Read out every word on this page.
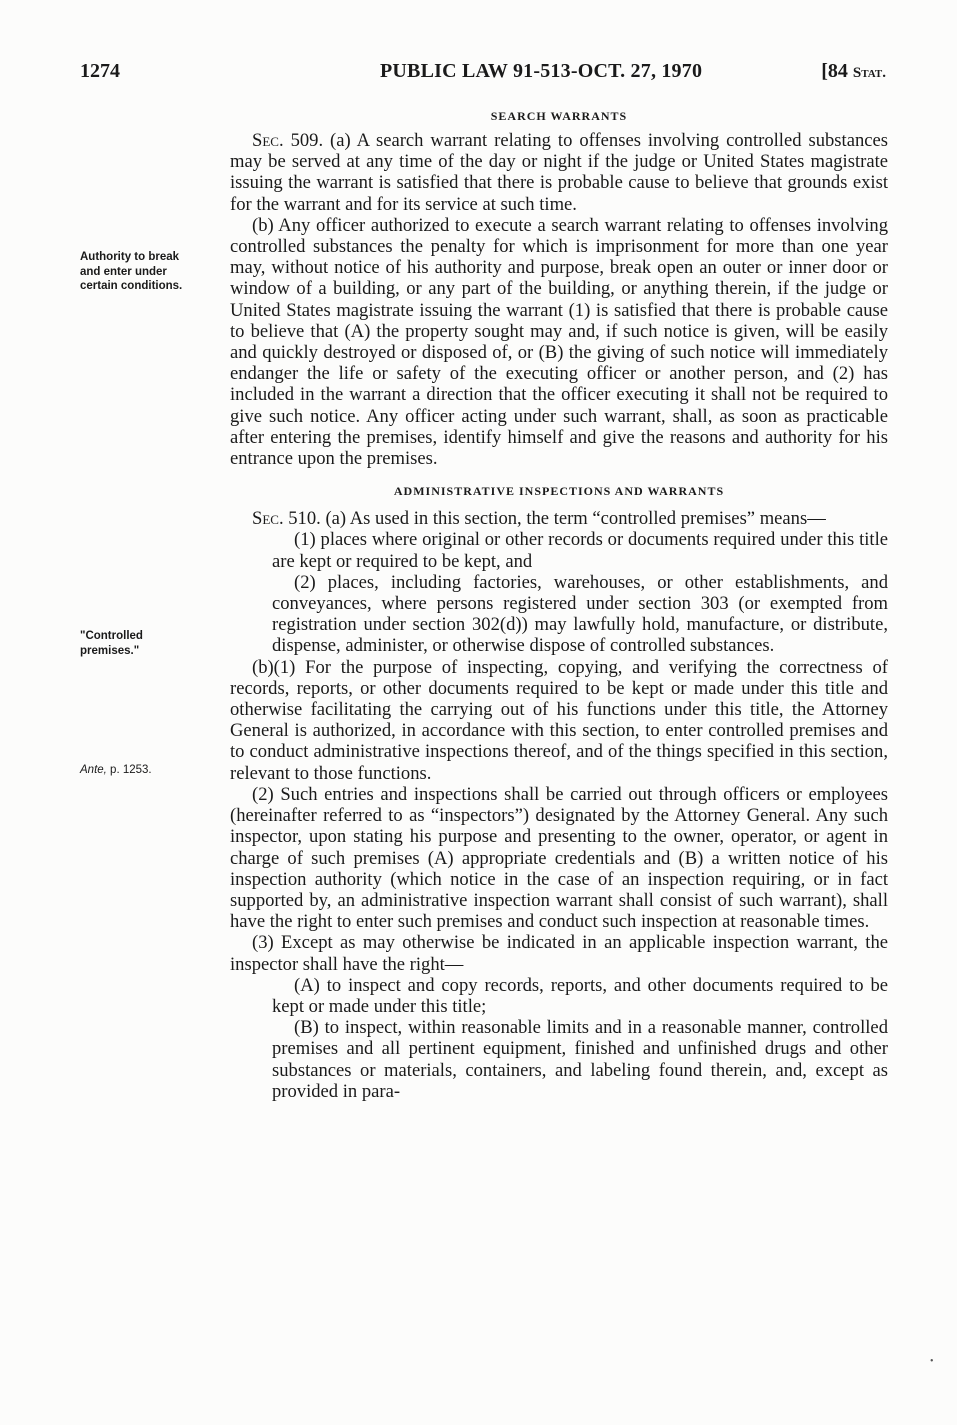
1274	PUBLIC LAW 91-513-OCT. 27, 1970	[84 Stat.
Authority to break and enter under certain conditions.
"Controlled premises."
Ante, p. 1253.
SEARCH WARRANTS

Sec. 509. (a) A search warrant relating to offenses involving controlled substances may be served at any time of the day or night if the judge or United States magistrate issuing the warrant is satisfied that there is probable cause to believe that grounds exist for the warrant and for its service at such time.

(b) Any officer authorized to execute a search warrant relating to offenses involving controlled substances the penalty for which is imprisonment for more than one year may, without notice of his authority and purpose, break open an outer or inner door or window of a building, or any part of the building, or anything therein, if the judge or United States magistrate issuing the warrant (1) is satisfied that there is probable cause to believe that (A) the property sought may and, if such notice is given, will be easily and quickly destroyed or disposed of, or (B) the giving of such notice will immediately endanger the life or safety of the executing officer or another person, and (2) has included in the warrant a direction that the officer executing it shall not be required to give such notice. Any officer acting under such warrant, shall, as soon as practicable after entering the premises, identify himself and give the reasons and authority for his entrance upon the premises.

ADMINISTRATIVE INSPECTIONS AND WARRANTS

Sec. 510. (a) As used in this section, the term “controlled premises” means—

(1) places where original or other records or documents required under this title are kept or required to be kept, and

(2) places, including factories, warehouses, or other establishments, and conveyances, where persons registered under section 303 (or exempted from registration under section 302(d)) may lawfully hold, manufacture, or distribute, dispense, administer, or otherwise dispose of controlled substances.

(b)(1) For the purpose of inspecting, copying, and verifying the correctness of records, reports, or other documents required to be kept or made under this title and otherwise facilitating the carrying out of his functions under this title, the Attorney General is authorized, in accordance with this section, to enter controlled premises and to conduct administrative inspections thereof, and of the things specified in this section, relevant to those functions.

(2) Such entries and inspections shall be carried out through officers or employees (hereinafter referred to as “inspectors”) designated by the Attorney General. Any such inspector, upon stating his purpose and presenting to the owner, operator, or agent in charge of such premises (A) appropriate credentials and (B) a written notice of his inspection authority (which notice in the case of an inspection requiring, or in fact supported by, an administrative inspection warrant shall consist of such warrant), shall have the right to enter such premises and conduct such inspection at reasonable times.

(3) Except as may otherwise be indicated in an applicable inspection warrant, the inspector shall have the right—

(A) to inspect and copy records, reports, and other documents required to be kept or made under this title;

(B) to inspect, within reasonable limits and in a reasonable manner, controlled premises and all pertinent equipment, finished and unfinished drugs and other substances or materials, containers, and labeling found therein, and, except as provided in para-

•
